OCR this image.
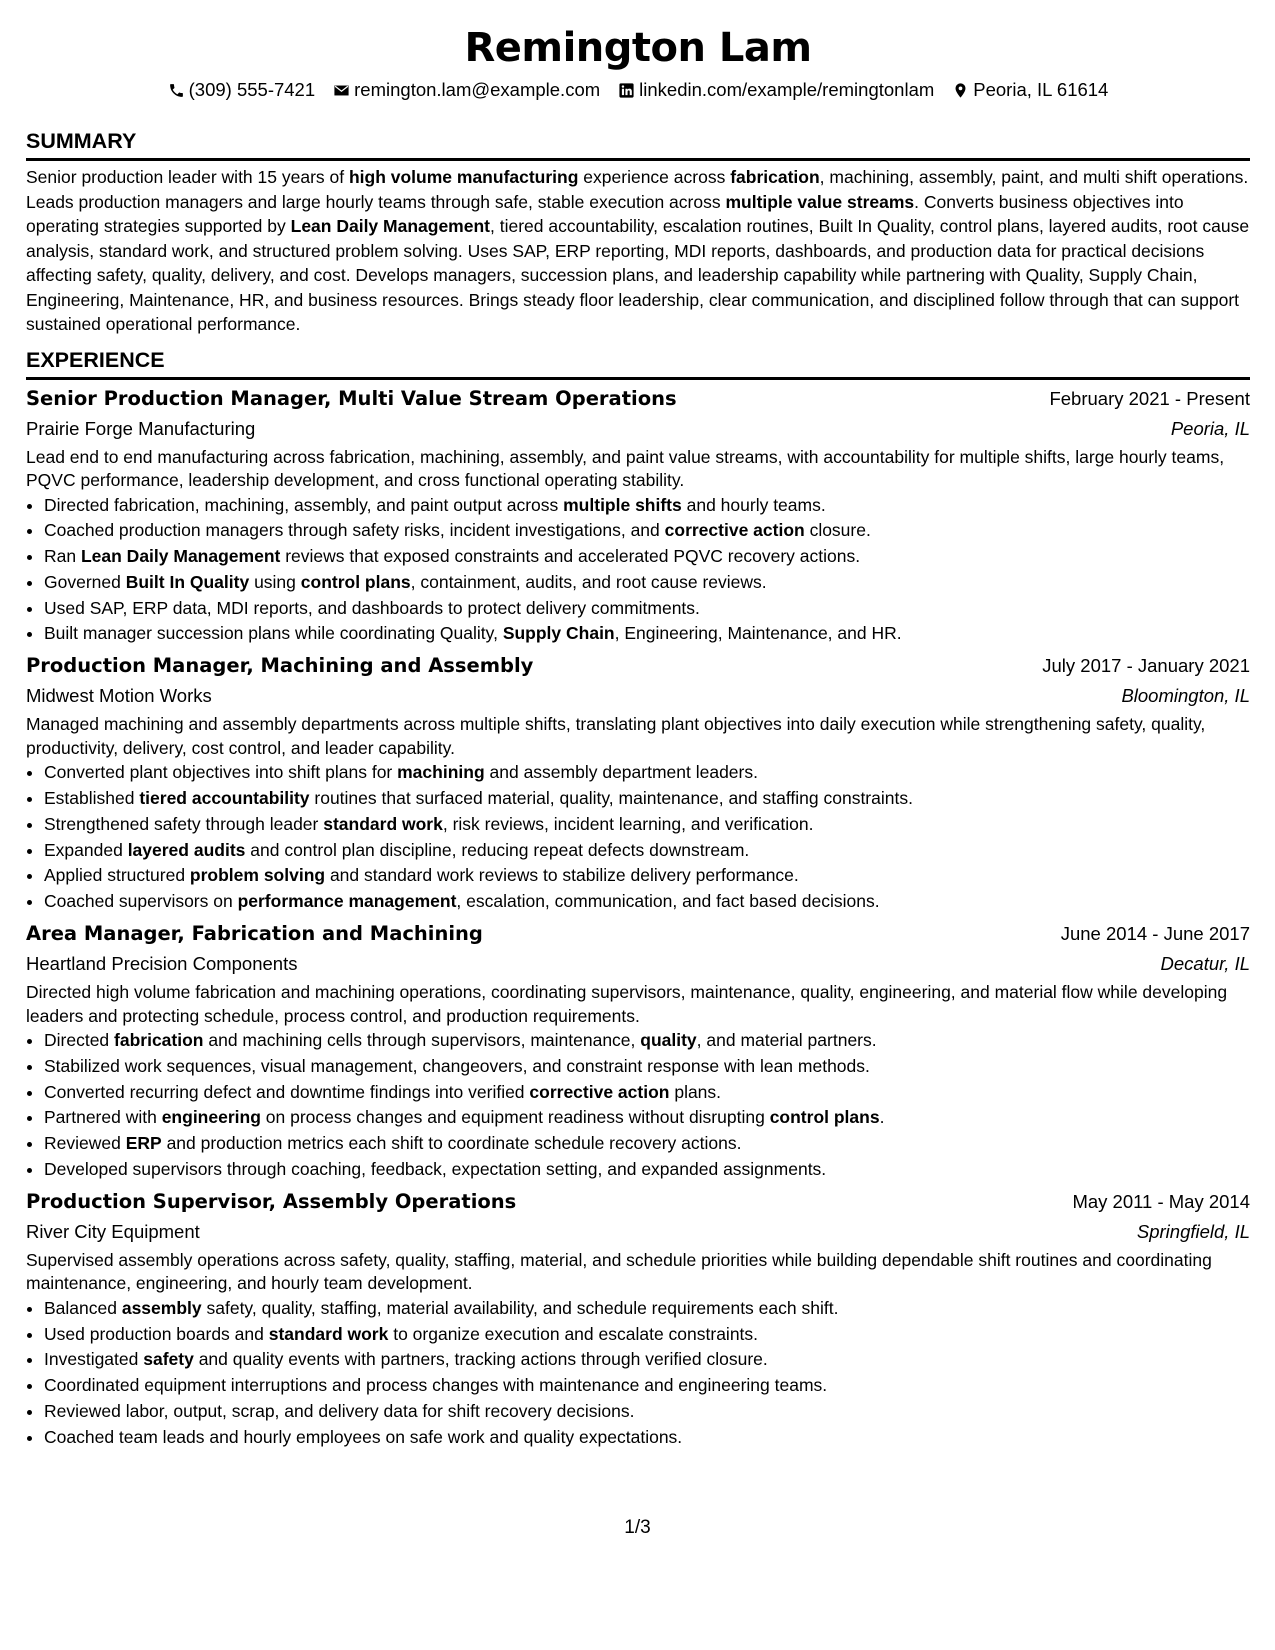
Remington Lam
(309) 555-7421 remington.lam@example.com linkedin.com/example/remingtonlam Peoria, IL 61614
SUMMARY

Senior production leader with 15 years of high volume manufacturing experience across fabrication, machining, assembly, paint, and multi shift operations. Leads production managers and large hourly teams through safe, stable execution across multiple value streams. Converts business objectives into operating strategies supported by Lean Daily Management, tiered accountability, escalation routines, Built In Quality, control plans, layered audits, root cause analysis, standard work, and structured problem solving. Uses SAP, ERP reporting, MDI reports, dashboards, and production data for practical decisions affecting safety, quality, delivery, and cost. Develops managers, succession plans, and leadership capability while partnering with Quality, Supply Chain, Engineering, Maintenance, HR, and business resources. Brings steady floor leadership, clear communication, and disciplined follow through that can support sustained operational performance.

EXPERIENCE
Senior Production Manager, Multi Value Stream Operations	February 2021 - Present
Prairie Forge Manufacturing	Peoria, IL
Lead end to end manufacturing across fabrication, machining, assembly, and paint value streams, with accountability for multiple shifts, large hourly teams, PQVC performance, leadership development, and cross functional operating stability.
• Directed fabrication, machining, assembly, and paint output across multiple shifts and hourly teams.
• Coached production managers through safety risks, incident investigations, and corrective action closure.
• Ran Lean Daily Management reviews that exposed constraints and accelerated PQVC recovery actions.
• Governed Built In Quality using control plans, containment, audits, and root cause reviews.
• Used SAP, ERP data, MDI reports, and dashboards to protect delivery commitments.
• Built manager succession plans while coordinating Quality, Supply Chain, Engineering, Maintenance, and HR.
Production Manager, Machining and Assembly	July 2017 - January 2021
Midwest Motion Works	Bloomington, IL
Managed machining and assembly departments across multiple shifts, translating plant objectives into daily execution while strengthening safety, quality, productivity, delivery, cost control, and leader capability.
• Converted plant objectives into shift plans for machining and assembly department leaders.
• Established tiered accountability routines that surfaced material, quality, maintenance, and staffing constraints.
• Strengthened safety through leader standard work, risk reviews, incident learning, and verification.
• Expanded layered audits and control plan discipline, reducing repeat defects downstream.
• Applied structured problem solving and standard work reviews to stabilize delivery performance.
• Coached supervisors on performance management, escalation, communication, and fact based decisions.
Area Manager, Fabrication and Machining	June 2014 - June 2017
Heartland Precision Components	Decatur, IL
Directed high volume fabrication and machining operations, coordinating supervisors, maintenance, quality, engineering, and material flow while developing leaders and protecting schedule, process control, and production requirements.
• Directed fabrication and machining cells through supervisors, maintenance, quality, and material partners.
• Stabilized work sequences, visual management, changeovers, and constraint response with lean methods.
• Converted recurring defect and downtime findings into verified corrective action plans.
• Partnered with engineering on process changes and equipment readiness without disrupting control plans.
• Reviewed ERP and production metrics each shift to coordinate schedule recovery actions.
• Developed supervisors through coaching, feedback, expectation setting, and expanded assignments.
Production Supervisor, Assembly Operations	May 2011 - May 2014
River City Equipment	Springfield, IL
Supervised assembly operations across safety, quality, staffing, material, and schedule priorities while building dependable shift routines and coordinating maintenance, engineering, and hourly team development.
• Balanced assembly safety, quality, staffing, material availability, and schedule requirements each shift.
• Used production boards and standard work to organize execution and escalate constraints.
• Investigated safety and quality events with partners, tracking actions through verified closure.
• Coordinated equipment interruptions and process changes with maintenance and engineering teams.
• Reviewed labor, output, scrap, and delivery data for shift recovery decisions.
• Coached team leads and hourly employees on safe work and quality expectations.
1/3
